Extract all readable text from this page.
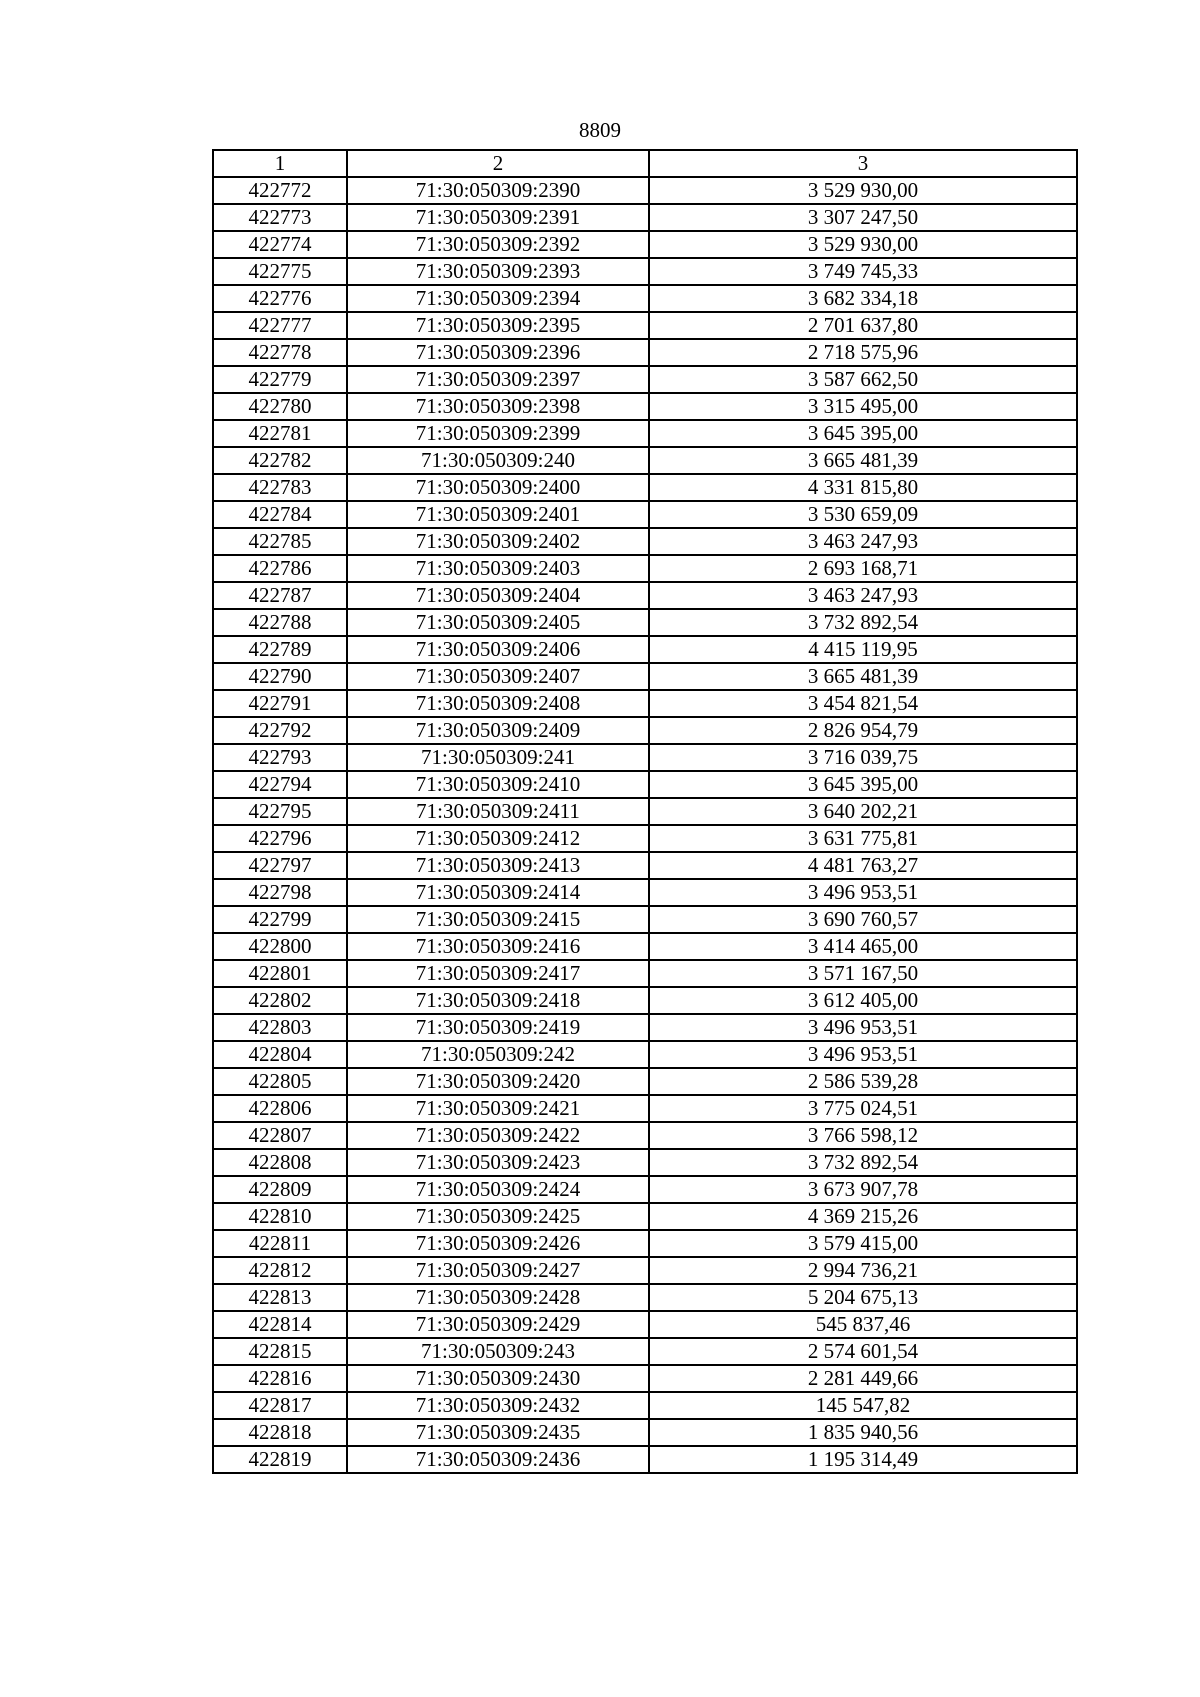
8809
1	2	3
422772	71:30:050309:2390	3 529 930,00
422773	71:30:050309:2391	3 307 247,50
422774	71:30:050309:2392	3 529 930,00
422775	71:30:050309:2393	3 749 745,33
422776	71:30:050309:2394	3 682 334,18
422777	71:30:050309:2395	2 701 637,80
422778	71:30:050309:2396	2 718 575,96
422779	71:30:050309:2397	3 587 662,50
422780	71:30:050309:2398	3 315 495,00
422781	71:30:050309:2399	3 645 395,00
422782	71:30:050309:240	3 665 481,39
422783	71:30:050309:2400	4 331 815,80
422784	71:30:050309:2401	3 530 659,09
422785	71:30:050309:2402	3 463 247,93
422786	71:30:050309:2403	2 693 168,71
422787	71:30:050309:2404	3 463 247,93
422788	71:30:050309:2405	3 732 892,54
422789	71:30:050309:2406	4 415 119,95
422790	71:30:050309:2407	3 665 481,39
422791	71:30:050309:2408	3 454 821,54
422792	71:30:050309:2409	2 826 954,79
422793	71:30:050309:241	3 716 039,75
422794	71:30:050309:2410	3 645 395,00
422795	71:30:050309:2411	3 640 202,21
422796	71:30:050309:2412	3 631 775,81
422797	71:30:050309:2413	4 481 763,27
422798	71:30:050309:2414	3 496 953,51
422799	71:30:050309:2415	3 690 760,57
422800	71:30:050309:2416	3 414 465,00
422801	71:30:050309:2417	3 571 167,50
422802	71:30:050309:2418	3 612 405,00
422803	71:30:050309:2419	3 496 953,51
422804	71:30:050309:242	3 496 953,51
422805	71:30:050309:2420	2 586 539,28
422806	71:30:050309:2421	3 775 024,51
422807	71:30:050309:2422	3 766 598,12
422808	71:30:050309:2423	3 732 892,54
422809	71:30:050309:2424	3 673 907,78
422810	71:30:050309:2425	4 369 215,26
422811	71:30:050309:2426	3 579 415,00
422812	71:30:050309:2427	2 994 736,21
422813	71:30:050309:2428	5 204 675,13
422814	71:30:050309:2429	545 837,46
422815	71:30:050309:243	2 574 601,54
422816	71:30:050309:2430	2 281 449,66
422817	71:30:050309:2432	145 547,82
422818	71:30:050309:2435	1 835 940,56
422819	71:30:050309:2436	1 195 314,49
